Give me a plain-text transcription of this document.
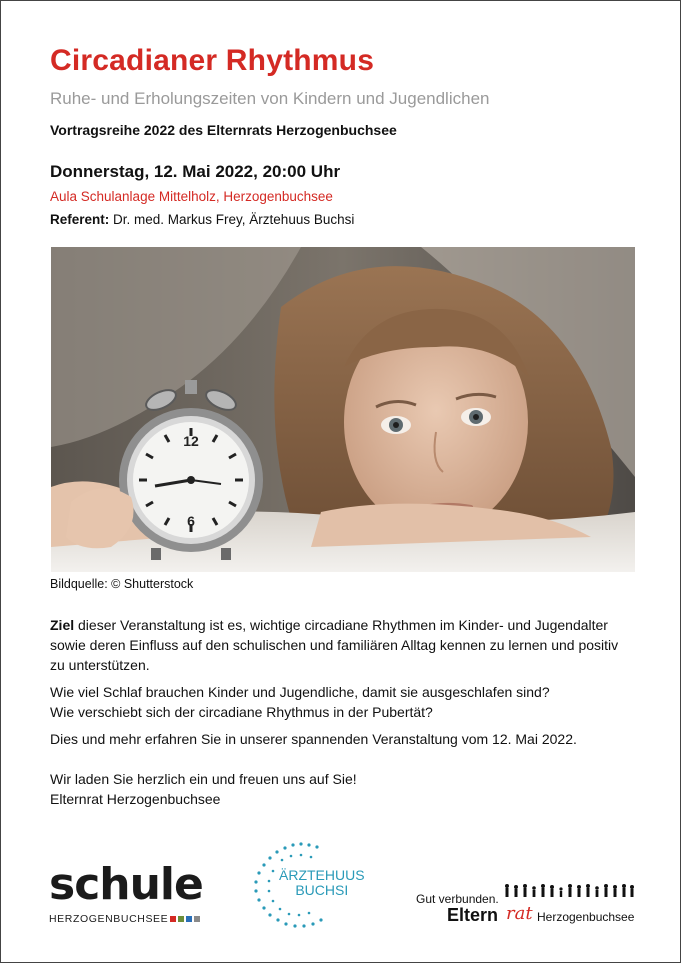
Circadianer Rhythmus
Ruhe- und Erholungszeiten von Kindern und Jugendlichen
Vortragsreihe 2022 des Elternrats Herzogenbuchsee
Donnerstag, 12. Mai 2022, 20:00 Uhr
Aula Schulanlage Mittelholz, Herzogenbuchsee
Referent: Dr. med. Markus Frey, Ärztehuus Buchsi
12
6
Bildquelle: © Shutterstock
Ziel dieser Veranstaltung ist es, wichtige circadiane Rhythmen im Kinder- und Jugendalter
sowie deren Einfluss auf den schulischen und familiären Alltag kennen zu lernen und positiv
zu unterstützen.
Wie viel Schlaf brauchen Kinder und Jugendliche, damit sie ausgeschlafen sind?
Wie verschiebt sich der circadiane Rhythmus in der Pubertät?
Dies und mehr erfahren Sie in unserer spannenden Veranstaltung vom 12. Mai 2022.
Wir laden Sie herzlich ein und freuen uns auf Sie!
Elternrat Herzogenbuchsee
schule
HERZOGENBUCHSEE
ÄRZTEHUUS
BUCHSI
Gut verbunden.
Eltern rat Herzogenbuchsee
